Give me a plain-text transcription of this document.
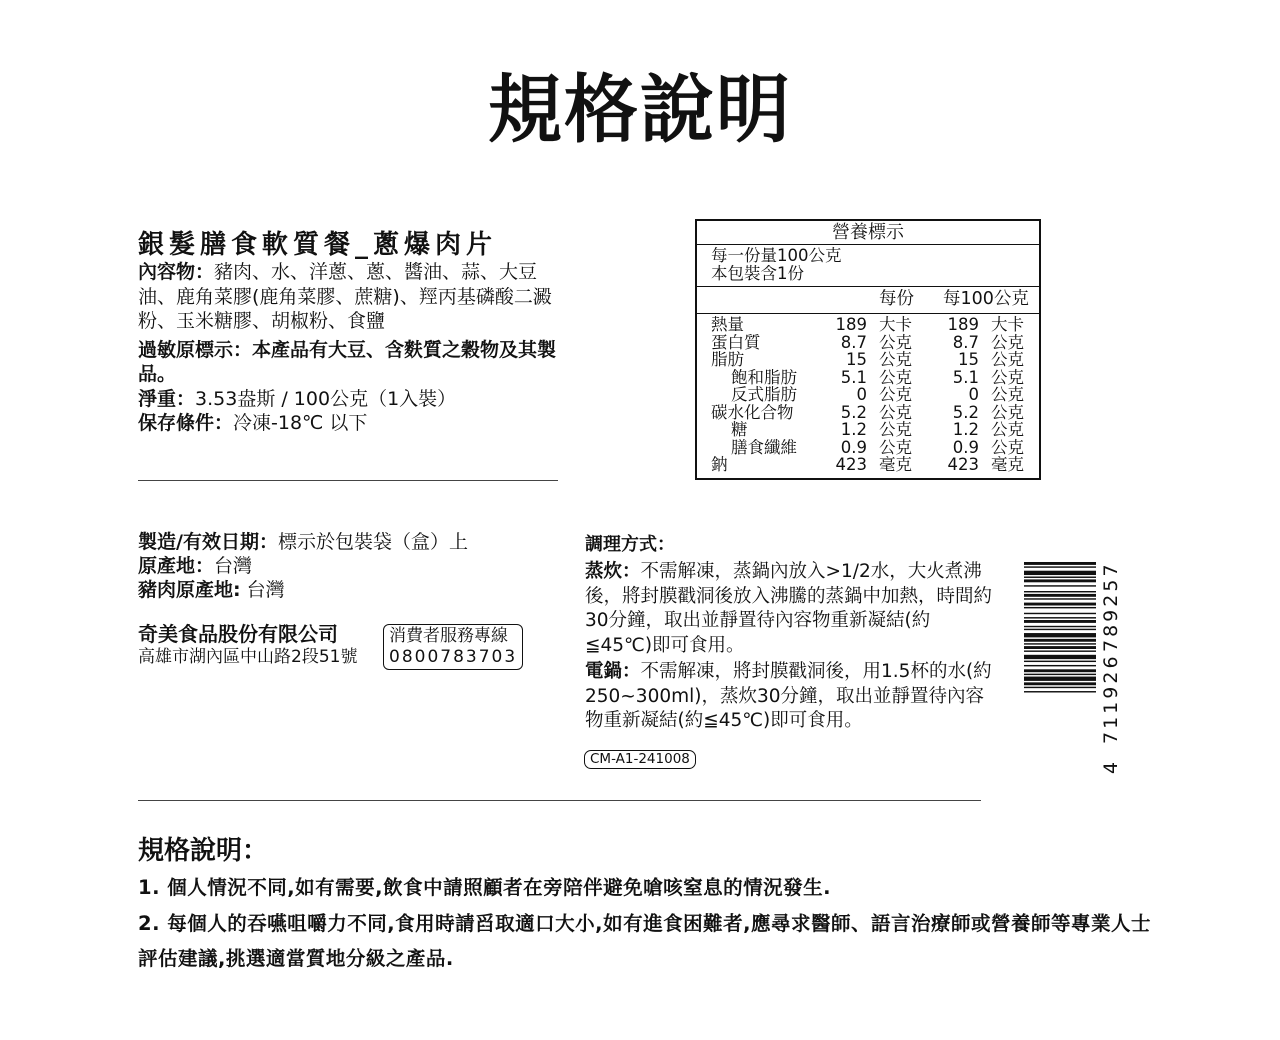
規格說明
銀髮膳食軟質餐_蔥爆肉片

內容物：豬肉、水、洋蔥、蔥、醬油、蒜、大豆油、鹿角菜膠(鹿角菜膠、蔗糖)、羥丙基磷酸二澱粉、玉米糖膠、胡椒粉、食鹽

過敏原標示：本產品有大豆、含麩質之穀物及其製品。

淨重：3.53盎斯 / 100公克（1入裝）

保存條件：冷凍-18℃ 以下

營養標示
每一份量100公克
本包裝含1份
每份 每100公克
熱量	189 大卡 189 大卡
蛋白質	8.7 公克 8.7 公克
脂肪	15 公克	15 公克
飽和脂肪	5.1 公克 5.1 公克
反式脂肪	0 公克	0 公克
碳水化合物	5.2 公克 5.2 公克
糖	1.2 公克 1.2 公克
膳食纖維	0.9 公克 0.9 公克
鈉	423 毫克 423 毫克

製造/有效日期：標示於包裝袋（盒）上

原產地：台灣

豬肉原產地: 台灣

奇美食品股份有限公司
高雄市湖內區中山路2段51號
消費者服務專線
0800783703
調理方式：

蒸炊：不需解凍，蒸鍋內放入>1/2水，大火煮沸後，將封膜戳洞後放入沸騰的蒸鍋中加熱，時間約30分鐘，取出並靜置待內容物重新凝結(約≦45℃)即可食用。

電鍋：不需解凍，將封膜戳洞後，用1.5杯的水(約250~300ml)，蒸炊30分鐘，取出並靜置待內容物重新凝結(約≦45℃)即可食用。

CM-A1-241008	4
711926
789257
規格說明：
1. 個人情況不同,如有需要,飲食中請照顧者在旁陪伴避免嗆咳窒息的情況發生.
2. 每個人的吞嚥咀嚼力不同,食用時請舀取適口大小,如有進食困難者,應尋求醫師、語言治療師或營養師等專業人士評估建議,挑選適當質地分級之產品.
